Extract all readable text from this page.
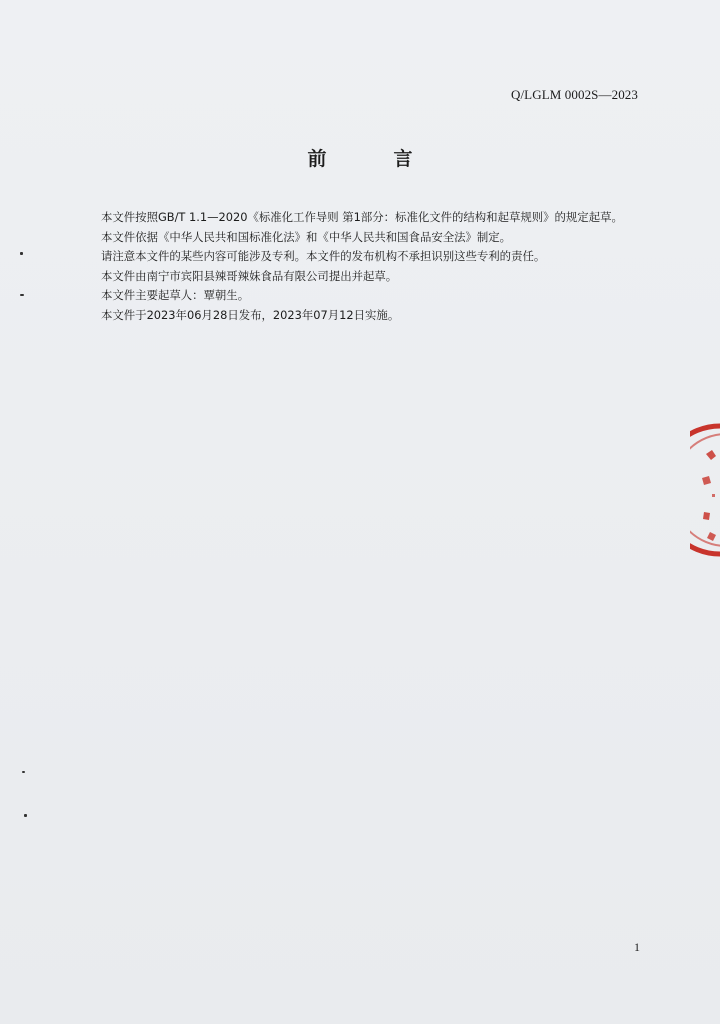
Q/LGLM 0002S—2023
前　言

本文件按照GB/T 1.1—2020《标准化工作导则 第1部分：标准化文件的结构和起草规则》的规定起草。

本文件依据《中华人民共和国标准化法》和《中华人民共和国食品安全法》制定。

请注意本文件的某些内容可能涉及专利。本文件的发布机构不承担识别这些专利的责任。

本文件由南宁市宾阳县辣哥辣妹食品有限公司提出并起草。

本文件主要起草人：覃朝生。

本文件于2023年06月28日发布，2023年07月12日实施。

1
